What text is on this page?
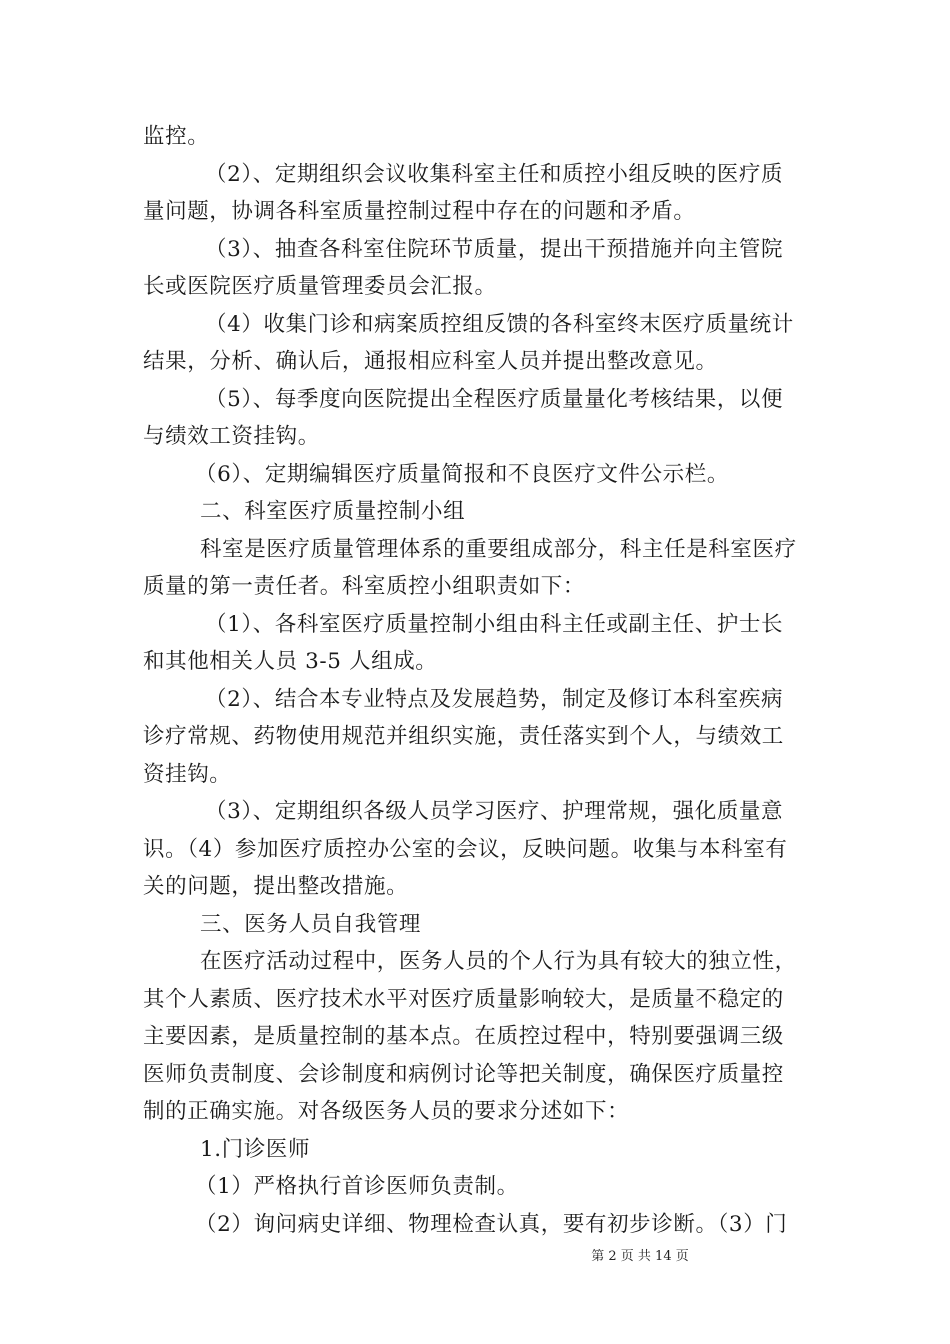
监控。
（2）、定期组织会议收集科室主任和质控小组反映的医疗质
量问题，协调各科室质量控制过程中存在的问题和矛盾。
（3）、抽查各科室住院环节质量，提出干预措施并向主管院
长或医院医疗质量管理委员会汇报。
（4）收集门诊和病案质控组反馈的各科室终末医疗质量统计
结果，分析、确认后，通报相应科室人员并提出整改意见。
（5）、每季度向医院提出全程医疗质量量化考核结果，以便
与绩效工资挂钩。
（6）、定期编辑医疗质量简报和不良医疗文件公示栏。
二、科室医疗质量控制小组
科室是医疗质量管理体系的重要组成部分，科主任是科室医疗
质量的第一责任者。科室质控小组职责如下：
（1）、各科室医疗质量控制小组由科主任或副主任、护士长
和其他相关人员 3-5 人组成。
（2）、结合本专业特点及发展趋势，制定及修订本科室疾病
诊疗常规、药物使用规范并组织实施，责任落实到个人，与绩效工
资挂钩。
（3）、定期组织各级人员学习医疗、护理常规，强化质量意
识。（4）参加医疗质控办公室的会议，反映问题。收集与本科室有
关的问题，提出整改措施。
三、医务人员自我管理
在医疗活动过程中，医务人员的个人行为具有较大的独立性，
其个人素质、医疗技术水平对医疗质量影响较大，是质量不稳定的
主要因素，是质量控制的基本点。在质控过程中，特别要强调三级
医师负责制度、会诊制度和病例讨论等把关制度，确保医疗质量控
制的正确实施。对各级医务人员的要求分述如下：
1.门诊医师
（1）严格执行首诊医师负责制。
（2）询问病史详细、物理检查认真，要有初步诊断。（3）门
第 2 页 共 14 页
